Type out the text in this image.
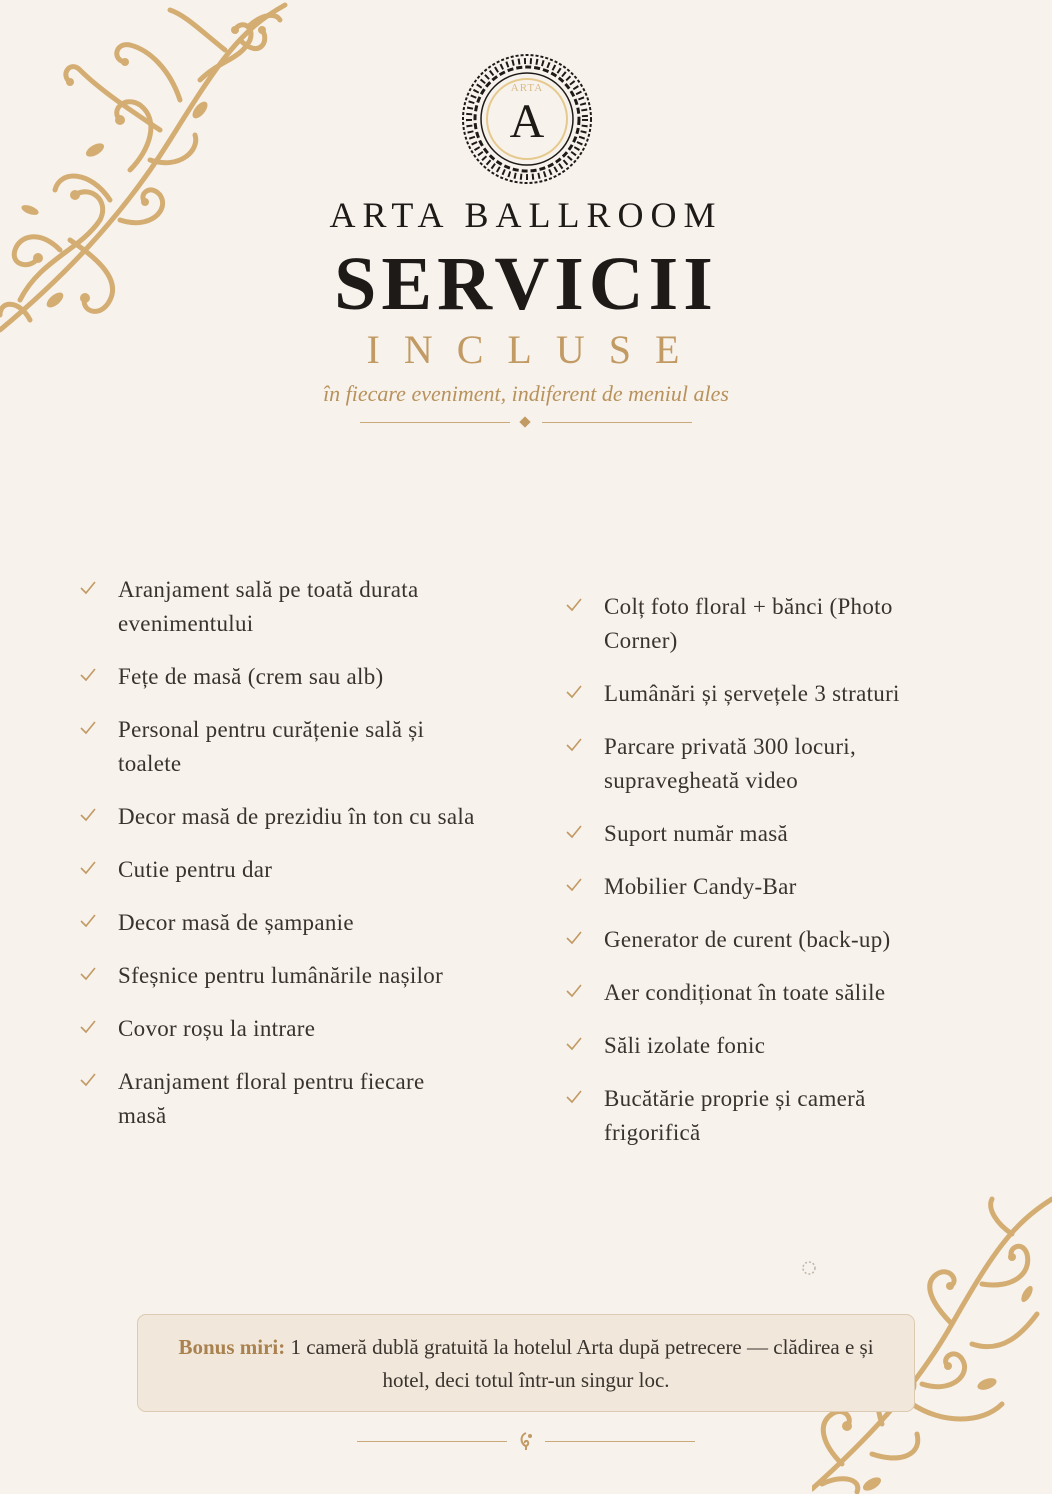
ARTA
A
ARTA BALLROOM
SERVICII
INCLUSE
în fiecare eveniment, indiferent de meniul ales
Aranjament sală pe toată durata evenimentului
Fețe de masă (crem sau alb)
Personal pentru curățenie sală și toalete
Decor masă de prezidiu în ton cu sala
Cutie pentru dar
Decor masă de șampanie
Sfeșnice pentru lumânările nașilor
Covor roșu la intrare
Aranjament floral pentru fiecare masă
Colț foto floral + bănci (Photo Corner)
Lumânări și șervețele 3 straturi
Parcare privată 300 locuri, supravegheată video
Suport număr masă
Mobilier Candy-Bar
Generator de curent (back-up)
Aer condiționat în toate sălile
Săli izolate fonic
Bucătărie proprie și cameră frigorifică
Bonus miri: 1 cameră dublă gratuită la hotelul Arta după petrecere — clădirea e și hotel, deci totul într-un singur loc.
